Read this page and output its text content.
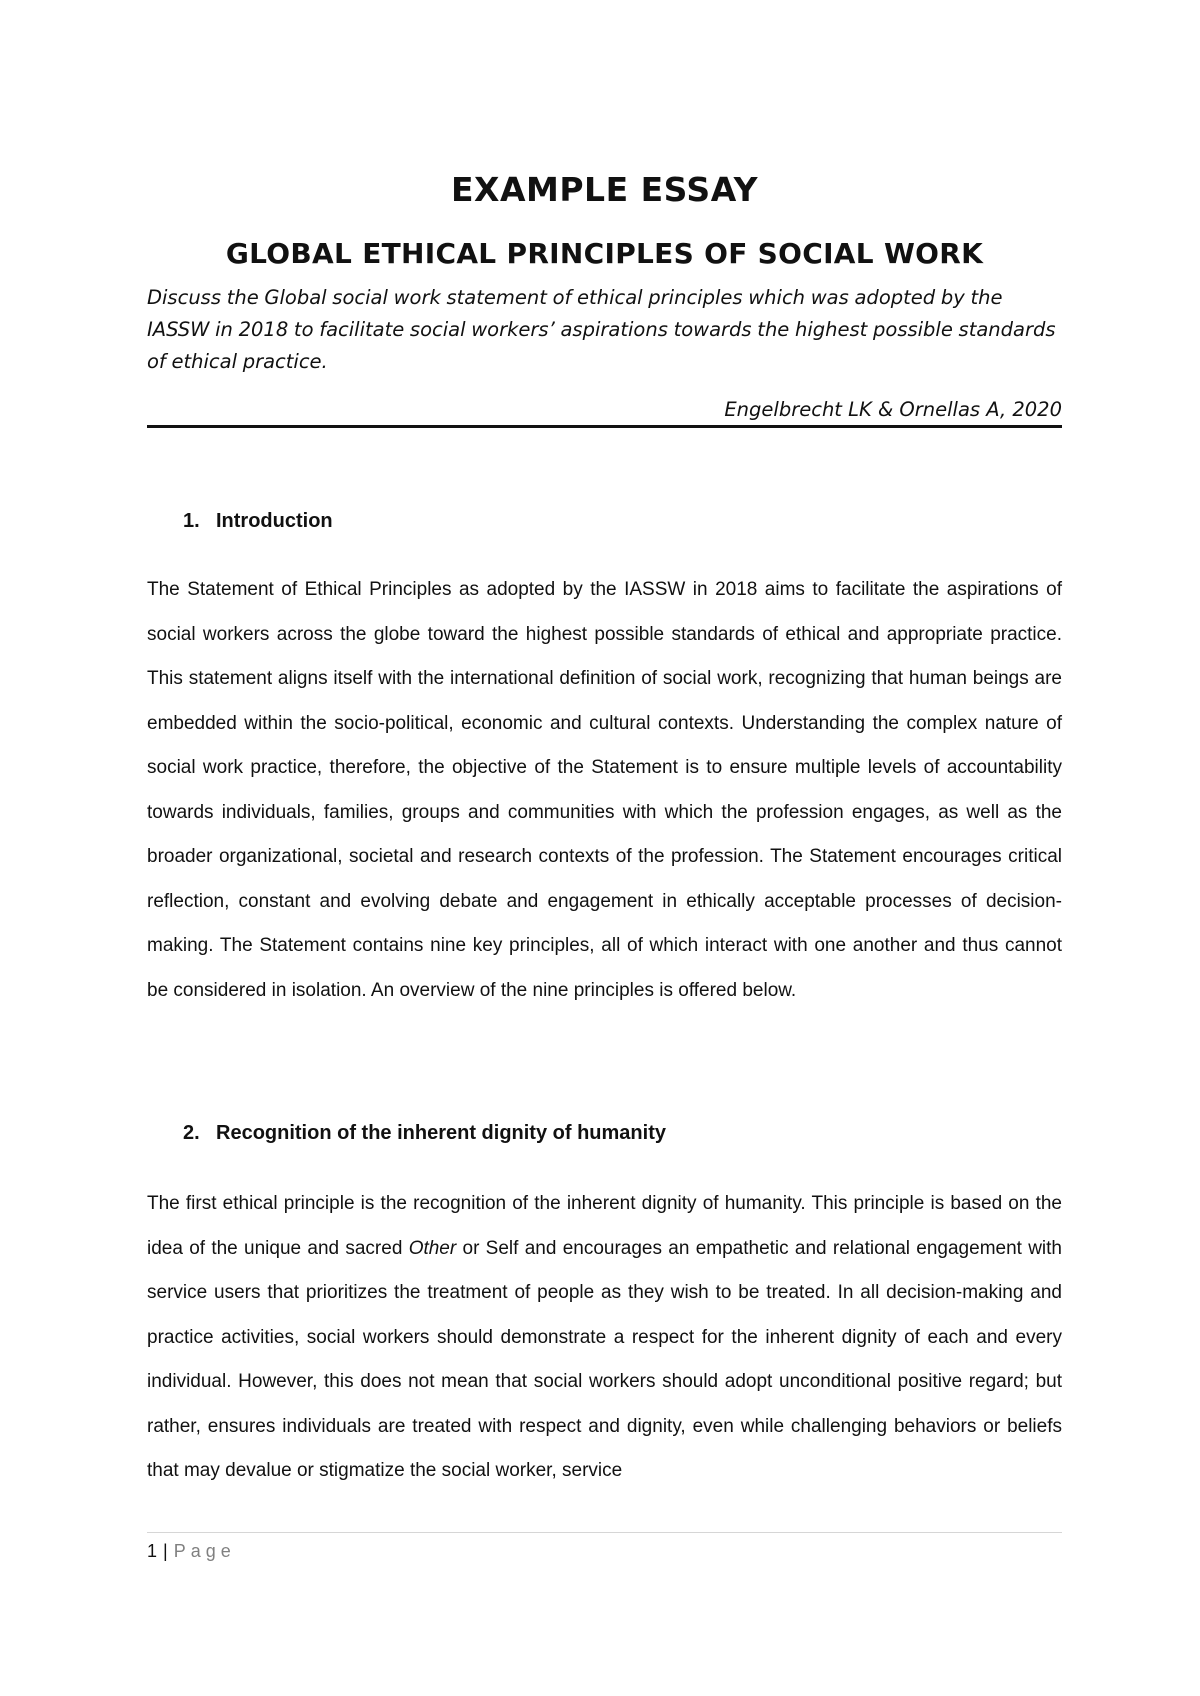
EXAMPLE ESSAY
GLOBAL ETHICAL PRINCIPLES OF SOCIAL WORK

Discuss the Global social work statement of ethical principles which was adopted by the IASSW in 2018 to facilitate social workers’ aspirations towards the highest possible standards of ethical practice.

Engelbrecht LK & Ornellas A, 2020

1. Introduction

The Statement of Ethical Principles as adopted by the IASSW in 2018 aims to facilitate the aspirations of social workers across the globe toward the highest possible standards of ethical and appropriate practice. This statement aligns itself with the international definition of social work, recognizing that human beings are embedded within the socio-political, economic and cultural contexts. Understanding the complex nature of social work practice, therefore, the objective of the Statement is to ensure multiple levels of accountability towards individuals, families, groups and communities with which the profession engages, as well as the broader organizational, societal and research contexts of the profession. The Statement encourages critical reflection, constant and evolving debate and engagement in ethically acceptable processes of decision-making. The Statement contains nine key principles, all of which interact with one another and thus cannot be considered in isolation. An overview of the nine principles is offered below.

2. Recognition of the inherent dignity of humanity

The first ethical principle is the recognition of the inherent dignity of humanity. This principle is based on the idea of the unique and sacred Other or Self and encourages an empathetic and relational engagement with service users that prioritizes the treatment of people as they wish to be treated. In all decision-making and practice activities, social workers should demonstrate a respect for the inherent dignity of each and every individual. However, this does not mean that social workers should adopt unconditional positive regard; but rather, ensures individuals are treated with respect and dignity, even while challenging behaviors or beliefs that may devalue or stigmatize the social worker, service

1 | Page
